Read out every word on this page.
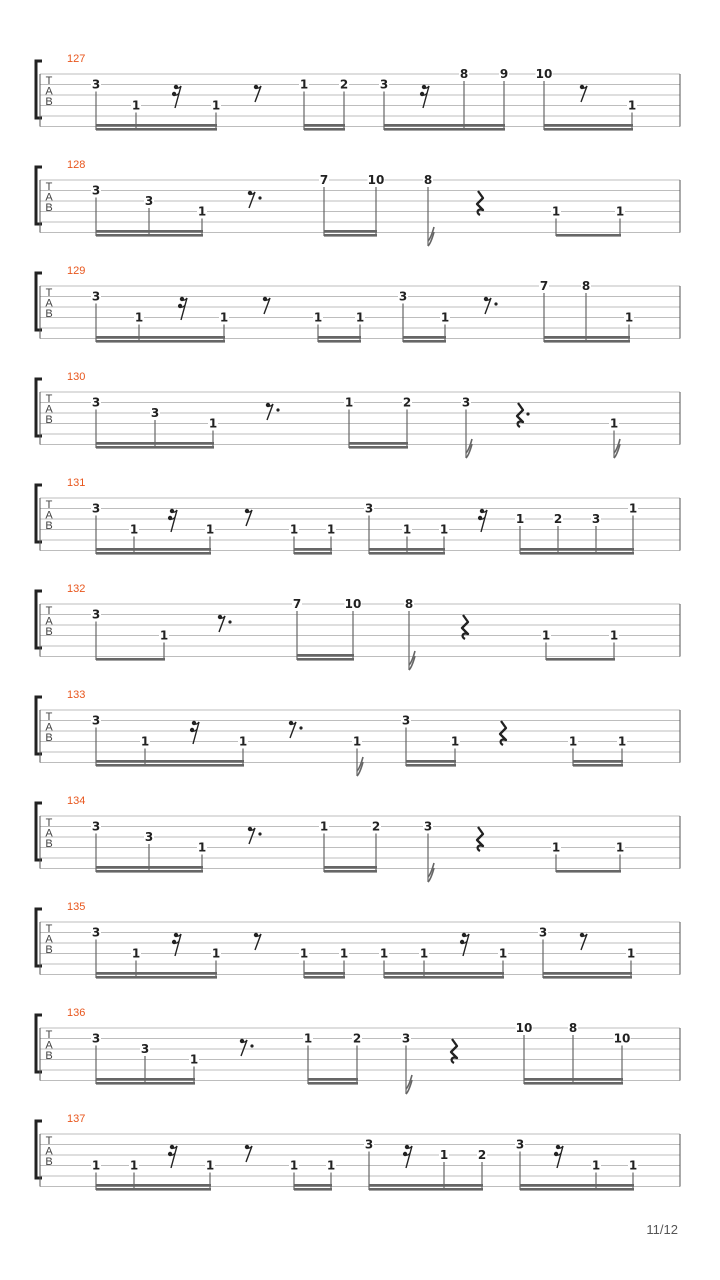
T
A
B
127
3
1	1
1	2	3
8	9 10
1
T
A
B
128
3
3
1
7	10	8
1	1
T
A
B
129
3
1	1	1	1
3
1
7	8
1
T
A
B
130
3
3
1
1	2	3
1
T
A
B
131
3
1	1	1 1
3
1 1
1 2 3
1
T
A
B
132
3
1
7	10	8
1	1
T
A
B
133
3
1	1	1
3
1	1	1
T
A
B
134
3
3
1
1	2	3
1	1
T
A
B
135
3
1	1	1	1	1	1	1
3
1
T
A
B
136
3
3
1
1	2	3
10	8
10
T
A
B
137
1 1	1	1 1
3
1 2
3
1 1
11/12
